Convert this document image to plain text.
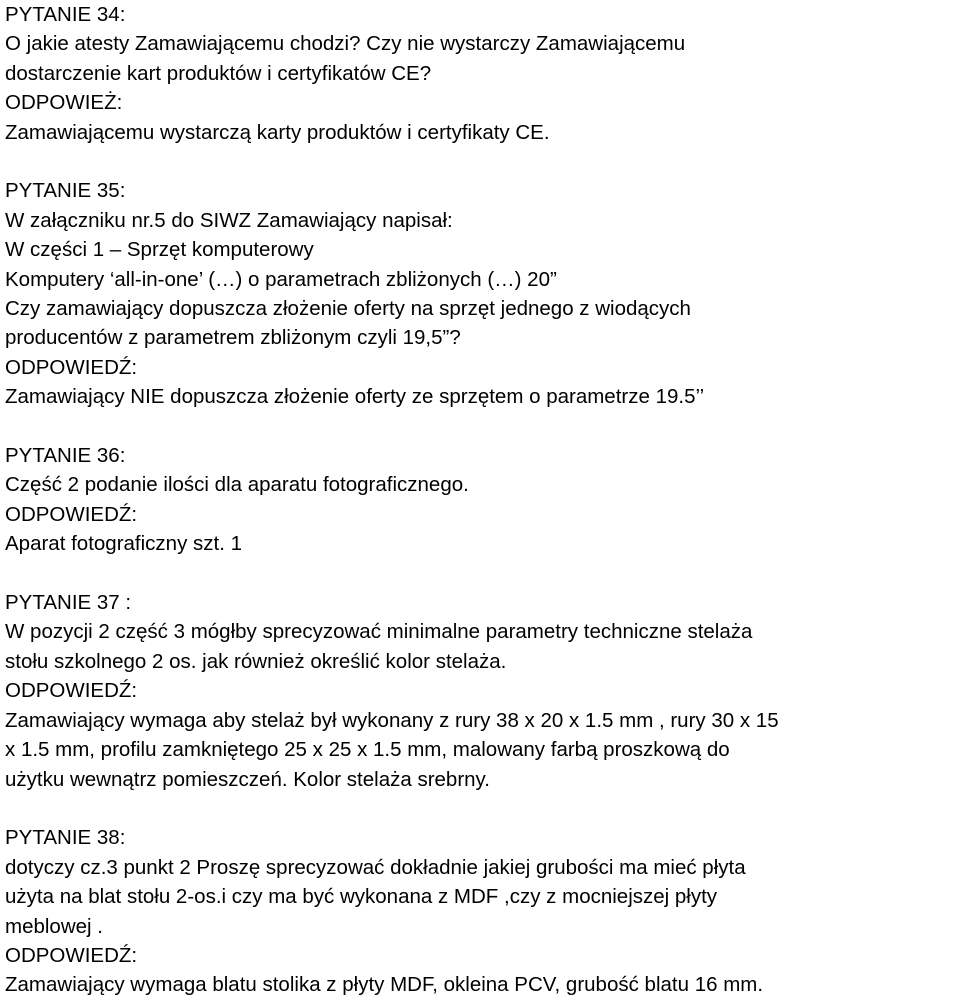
PYTANIE 34:
O jakie atesty Zamawiającemu chodzi? Czy nie wystarczy Zamawiającemu
dostarczenie kart produktów i certyfikatów CE?
ODPOWIEŻ:
Zamawiającemu wystarczą karty produktów i certyfikaty CE.
PYTANIE 35:
W załączniku nr.5 do SIWZ Zamawiający napisał:
W części 1 – Sprzęt komputerowy
Komputery ‘all-in-one’ (…) o parametrach zbliżonych (…) 20”
Czy zamawiający dopuszcza złożenie oferty na sprzęt jednego z wiodących
producentów z parametrem zbliżonym czyli 19,5”?
ODPOWIEDŹ:
Zamawiający NIE dopuszcza złożenie oferty ze sprzętem o parametrze 19.5’’
PYTANIE 36:
Część 2 podanie ilości dla aparatu fotograficznego.
ODPOWIEDŹ:
Aparat fotograficzny szt. 1
PYTANIE 37 :
W pozycji 2 część 3 mógłby sprecyzować minimalne parametry techniczne stelaża
stołu szkolnego 2 os. jak również określić kolor stelaża.
ODPOWIEDŹ:
Zamawiający wymaga aby stelaż był wykonany z rury 38 x 20 x 1.5 mm , rury 30 x 15
x 1.5 mm, profilu zamkniętego 25 x 25 x 1.5 mm, malowany farbą proszkową do
użytku wewnątrz pomieszczeń. Kolor stelaża srebrny.
PYTANIE 38:
dotyczy cz.3 punkt 2 Proszę sprecyzować dokładnie jakiej grubości ma mieć płyta
użyta na blat stołu 2-os.i czy ma być wykonana z MDF ,czy z mocniejszej płyty
meblowej .
ODPOWIEDŹ:
Zamawiający wymaga blatu stolika z płyty MDF, okleina PCV, grubość blatu 16 mm.
